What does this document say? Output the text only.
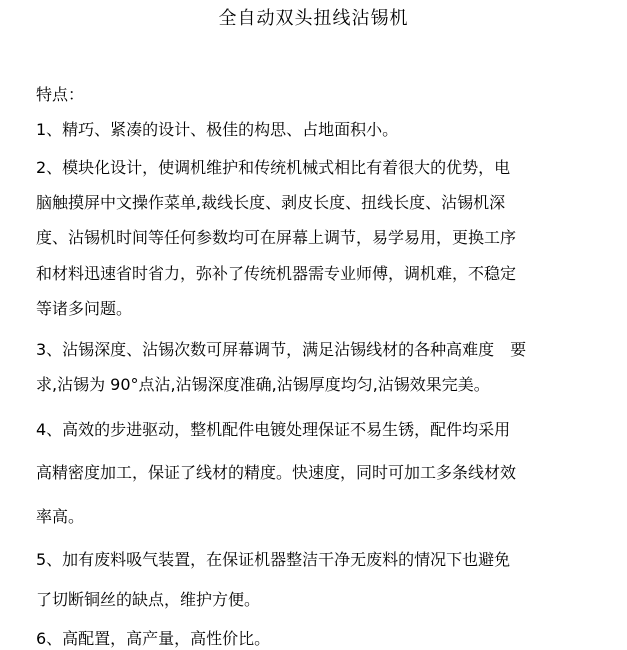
全自动双头扭线沾锡机
特点：
1、精巧、紧凑的设计、极佳的构思、占地面积小。
2、模块化设计，使调机维护和传统机械式相比有着很大的优势，电
脑触摸屏中文操作菜单,裁线长度、剥皮长度、扭线长度、沾锡机深
度、沾锡机时间等任何参数均可在屏幕上调节，易学易用，更换工序
和材料迅速省时省力，弥补了传统机器需专业师傅，调机难，不稳定
等诸多问题。
3、沾锡深度、沾锡次数可屏幕调节，满足沾锡线材的各种高难度　要
求,沾锡为 90°点沾,沾锡深度准确,沾锡厚度均匀,沾锡效果完美。
4、高效的步进驱动，整机配件电镀处理保证不易生锈，配件均采用
高精密度加工，保证了线材的精度。快速度，同时可加工多条线材效
率高。
5、加有废料吸气装置，在保证机器整洁干净无废料的情况下也避免
了切断铜丝的缺点，维护方便。
6、高配置，高产量，高性价比。
